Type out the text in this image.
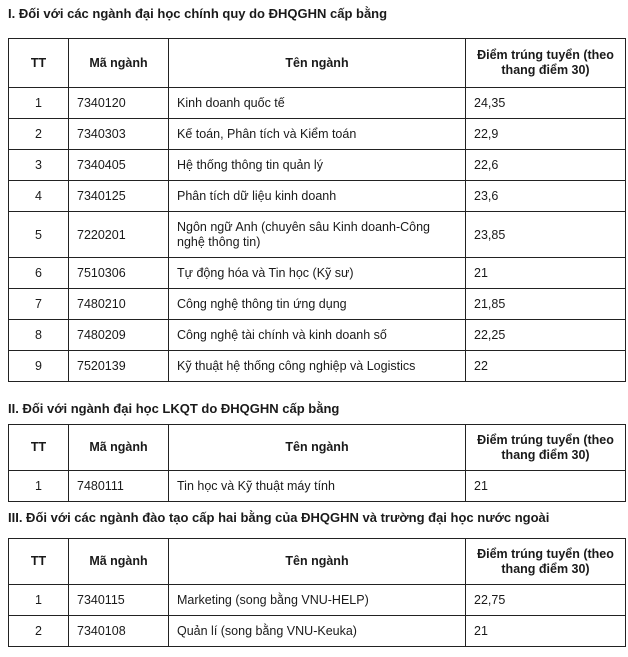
I. Đối với các ngành đại học chính quy do ĐHQGHN cấp bằng
TT	Mã ngành	Tên ngành	Điểm trúng tuyển (theo thang điểm 30)
1	7340120	Kinh doanh quốc tế	24,35
2	7340303	Kế toán, Phân tích và Kiểm toán	22,9
3	7340405	Hệ thống thông tin quản lý	22,6
4	7340125	Phân tích dữ liệu kinh doanh	23,6
5	7220201	Ngôn ngữ Anh (chuyên sâu Kinh doanh-Công nghệ thông tin)	23,85
6	7510306	Tự động hóa và Tin học (Kỹ sư)	21
7	7480210	Công nghệ thông tin ứng dụng	21,85
8	7480209	Công nghệ tài chính và kinh doanh số	22,25
9	7520139	Kỹ thuật hệ thống công nghiệp và Logistics	22
II. Đối với ngành đại học LKQT do ĐHQGHN cấp bằng
TT	Mã ngành	Tên ngành	Điểm trúng tuyển (theo thang điểm 30)
1	7480111	Tin học và Kỹ thuật máy tính	21
III. Đối với các ngành đào tạo cấp hai bằng của ĐHQGHN và trường đại học nước ngoài
TT	Mã ngành	Tên ngành	Điểm trúng tuyển (theo thang điểm 30)
1	7340115	Marketing (song bằng VNU-HELP)	22,75
2	7340108	Quản lí (song bằng VNU-Keuka)	21
